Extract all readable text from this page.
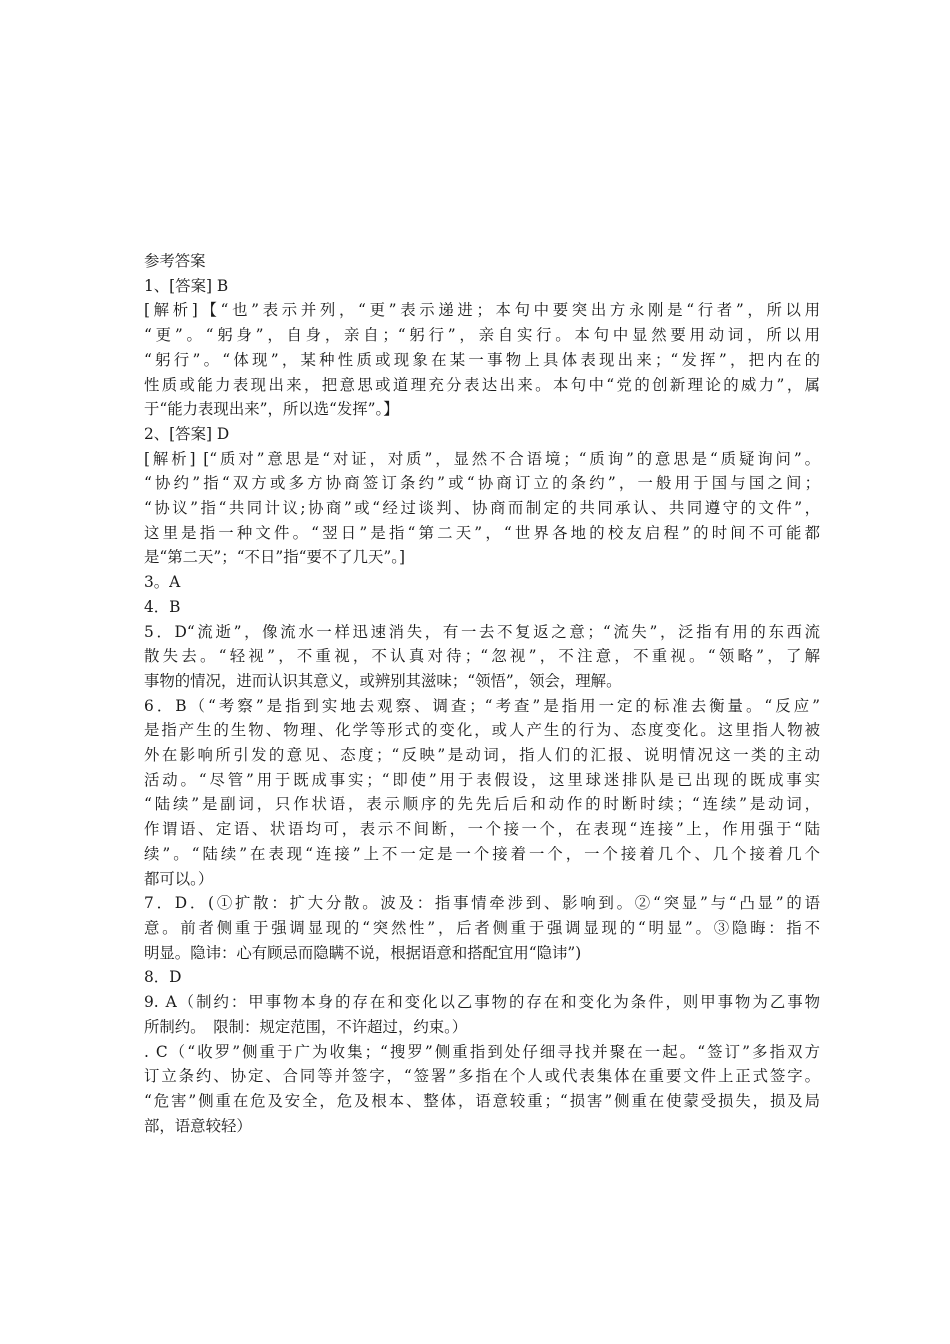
参考答案
1、[答案] B
[解析]【“也”表示并列，“更”表示递进；本句中要突出方永刚是“行者”，所以用
“更”。“躬身”，自身，亲自；“躬行”，亲自实行。本句中显然要用动词，所以用
“躬行”。“体现”，某种性质或现象在某一事物上具体表现出来；“发挥”，把内在的
性质或能力表现出来，把意思或道理充分表达出来。本句中“党的创新理论的威力”，属
于“能力表现出来”，所以选“发挥”。】
2、[答案] D
[解析] [“质对”意思是“对证，对质”，显然不合语境；“质询”的意思是“质疑询问”。
“协约”指“双方或多方协商签订条约”或“协商订立的条约”，一般用于国与国之间；
“协议”指“共同计议;协商”或“经过谈判、协商而制定的共同承认、共同遵守的文件”，
这里是指一种文件。“翌日”是指“第二天”，“世界各地的校友启程”的时间不可能都
是“第二天”；“不日”指“要不了几天”。]
3。A
4．B
5．D“流逝”，像流水一样迅速消失，有一去不复返之意；“流失”，泛指有用的东西流
散失去。“轻视”，不重视，不认真对待；“忽视”，不注意，不重视。“领略”，了解
事物的情况，进而认识其意义，或辨别其滋味；“领悟”，领会，理解。
6．B（“考察”是指到实地去观察、调查；“考查”是指用一定的标准去衡量。“反应”
是指产生的生物、物理、化学等形式的变化，或人产生的行为、态度变化。这里指人物被
外在影响所引发的意见、态度；“反映”是动词，指人们的汇报、说明情况这一类的主动
活动。“尽管”用于既成事实；“即使”用于表假设，这里球迷排队是已出现的既成事实
“陆续”是副词，只作状语，表示顺序的先先后后和动作的时断时续；“连续”是动词，
作谓语、定语、状语均可，表示不间断，一个接一个，在表现“连接”上，作用强于“陆
续”。“陆续”在表现“连接”上不一定是一个接着一个，一个接着几个、几个接着几个
都可以。）
7．D．(①扩散：扩大分散。波及：指事情牵涉到、影响到。②“突显”与“凸显”的语
意。前者侧重于强调显现的“突然性”，后者侧重于强调显现的“明显”。③隐晦：指不
明显。隐讳：心有顾忌而隐瞒不说，根据语意和搭配宜用“隐讳”)
8．D
9. A（制约：甲事物本身的存在和变化以乙事物的存在和变化为条件，则甲事物为乙事物
所制约。　限制：规定范围，不许超过，约束。）
. C（“收罗”侧重于广为收集；“搜罗”侧重指到处仔细寻找并聚在一起。“签订”多指双方
订立条约、协定、合同等并签字，“签署”多指在个人或代表集体在重要文件上正式签字。
“危害”侧重在危及安全，危及根本、整体，语意较重；“损害”侧重在使蒙受损失，损及局
部，语意较轻）
